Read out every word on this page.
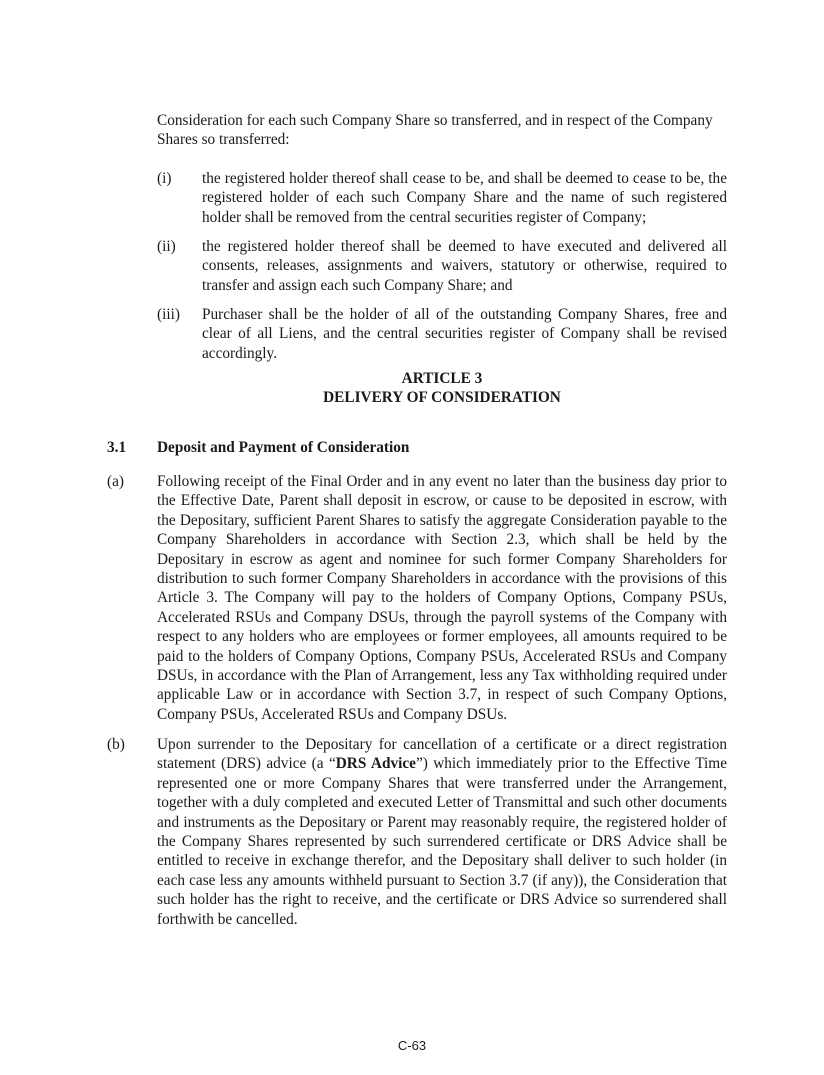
Consideration for each such Company Share so transferred, and in respect of the Company Shares so transferred:

(i) the registered holder thereof shall cease to be, and shall be deemed to cease to be, the registered holder of each such Company Share and the name of such registered holder shall be removed from the central securities register of Company;
(ii) the registered holder thereof shall be deemed to have executed and delivered all consents, releases, assignments and waivers, statutory or otherwise, required to transfer and assign each such Company Share; and
(iii) Purchaser shall be the holder of all of the outstanding Company Shares, free and clear of all Liens, and the central securities register of Company shall be revised accordingly.
ARTICLE 3
DELIVERY OF CONSIDERATION
3.1 Deposit and Payment of Consideration
(a) Following receipt of the Final Order and in any event no later than the business day prior to the Effective Date, Parent shall deposit in escrow, or cause to be deposited in escrow, with the Depositary, sufficient Parent Shares to satisfy the aggregate Consideration payable to the Company Shareholders in accordance with Section 2.3, which shall be held by the Depositary in escrow as agent and nominee for such former Company Shareholders for distribution to such former Company Shareholders in accordance with the provisions of this Article 3. The Company will pay to the holders of Company Options, Company PSUs, Accelerated RSUs and Company DSUs, through the payroll systems of the Company with respect to any holders who are employees or former employees, all amounts required to be paid to the holders of Company Options, Company PSUs, Accelerated RSUs and Company DSUs, in accordance with the Plan of Arrangement, less any Tax withholding required under applicable Law or in accordance with Section 3.7, in respect of such Company Options, Company PSUs, Accelerated RSUs and Company DSUs.
(b) Upon surrender to the Depositary for cancellation of a certificate or a direct registration statement (DRS) advice (a “DRS Advice”) which immediately prior to the Effective Time represented one or more Company Shares that were transferred under the Arrangement, together with a duly completed and executed Letter of Transmittal and such other documents and instruments as the Depositary or Parent may reasonably require, the registered holder of the Company Shares represented by such surrendered certificate or DRS Advice shall be entitled to receive in exchange therefor, and the Depositary shall deliver to such holder (in each case less any amounts withheld pursuant to Section 3.7 (if any)), the Consideration that such holder has the right to receive, and the certificate or DRS Advice so surrendered shall forthwith be cancelled.
C-63
